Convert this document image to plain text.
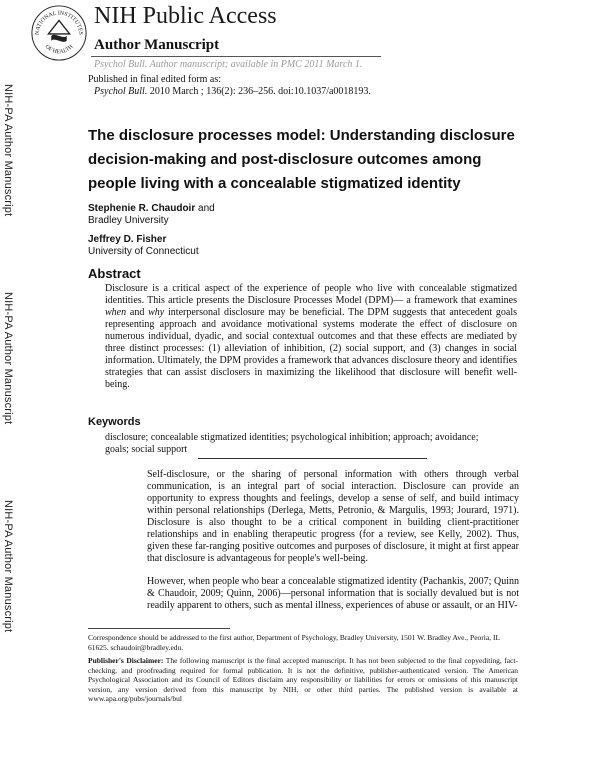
NATIONAL INSTITUTES
OF HEALTH
NIH Public Access
Author Manuscript
Psychol Bull. Author manuscript; available in PMC 2011 March 1.
Published in final edited form as:
Psychol Bull. 2010 March ; 136(2): 236–256. doi:10.1037/a0018193.
NIH-PA Author Manuscript
NIH-PA Author Manuscript
NIH-PA Author Manuscript
The disclosure processes model: Understanding disclosure decision-making and post-disclosure outcomes among people living with a concealable stigmatized identity
Stephenie R. Chaudoir and
Bradley University
Jeffrey D. Fisher
University of Connecticut
Abstract
Disclosure is a critical aspect of the experience of people who live with concealable stigmatized identities. This article presents the Disclosure Processes Model (DPM)— a framework that examines when and why interpersonal disclosure may be beneficial. The DPM suggests that antecedent goals representing approach and avoidance motivational systems moderate the effect of disclosure on numerous individual, dyadic, and social contextual outcomes and that these effects are mediated by three distinct processes: (1) alleviation of inhibition, (2) social support, and (3) changes in social information. Ultimately, the DPM provides a framework that advances disclosure theory and identifies strategies that can assist disclosers in maximizing the likelihood that disclosure will benefit well-being.
Keywords
disclosure; concealable stigmatized identities; psychological inhibition; approach; avoidance; goals; social support
Self-disclosure, or the sharing of personal information with others through verbal communication, is an integral part of social interaction. Disclosure can provide an opportunity to express thoughts and feelings, develop a sense of self, and build intimacy within personal relationships (Derlega, Metts, Petronio, & Margulis, 1993; Jourard, 1971). Disclosure is also thought to be a critical component in building client-practitioner relationships and in enabling therapeutic progress (for a review, see Kelly, 2002). Thus, given these far-ranging positive outcomes and purposes of disclosure, it might at first appear that disclosure is advantageous for people's well-being.
However, when people who bear a concealable stigmatized identity (Pachankis, 2007; Quinn & Chaudoir, 2009; Quinn, 2006)—personal information that is socially devalued but is not readily apparent to others, such as mental illness, experiences of abuse or assault, or an HIV-
Correspondence should be addressed to the first author, Department of Psychology, Bradley University, 1501 W. Bradley Ave., Peoria, IL 61625. schaudoir@bradley.edu.
Publisher's Disclaimer: The following manuscript is the final accepted manuscript. It has not been subjected to the final copyediting, fact-checking, and proofreading required for formal publication. It is not the definitive, publisher-authenticated version. The American Psychological Association and its Council of Editors disclaim any responsibility or liabilities for errors or omissions of this manuscript version, any version derived from this manuscript by NIH, or other third parties. The published version is available at www.apa.org/pubs/journals/bul
